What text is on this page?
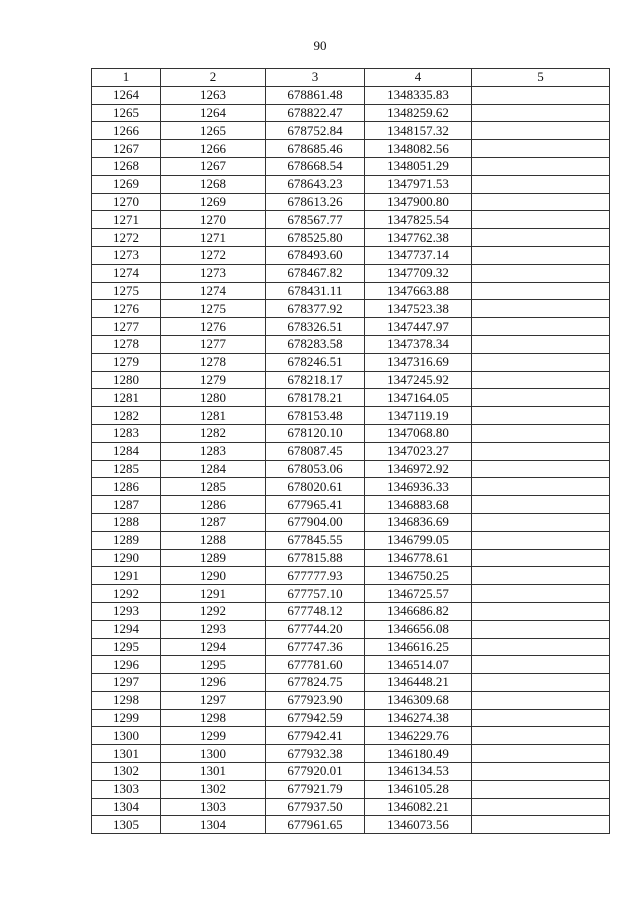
90
1	2	3	4	5
1264	1263	678861.48	1348335.83	
1265	1264	678822.47	1348259.62	
1266	1265	678752.84	1348157.32	
1267	1266	678685.46	1348082.56	
1268	1267	678668.54	1348051.29	
1269	1268	678643.23	1347971.53	
1270	1269	678613.26	1347900.80	
1271	1270	678567.77	1347825.54	
1272	1271	678525.80	1347762.38	
1273	1272	678493.60	1347737.14	
1274	1273	678467.82	1347709.32	
1275	1274	678431.11	1347663.88	
1276	1275	678377.92	1347523.38	
1277	1276	678326.51	1347447.97	
1278	1277	678283.58	1347378.34	
1279	1278	678246.51	1347316.69	
1280	1279	678218.17	1347245.92	
1281	1280	678178.21	1347164.05	
1282	1281	678153.48	1347119.19	
1283	1282	678120.10	1347068.80	
1284	1283	678087.45	1347023.27	
1285	1284	678053.06	1346972.92	
1286	1285	678020.61	1346936.33	
1287	1286	677965.41	1346883.68	
1288	1287	677904.00	1346836.69	
1289	1288	677845.55	1346799.05	
1290	1289	677815.88	1346778.61	
1291	1290	677777.93	1346750.25	
1292	1291	677757.10	1346725.57	
1293	1292	677748.12	1346686.82	
1294	1293	677744.20	1346656.08	
1295	1294	677747.36	1346616.25	
1296	1295	677781.60	1346514.07	
1297	1296	677824.75	1346448.21	
1298	1297	677923.90	1346309.68	
1299	1298	677942.59	1346274.38	
1300	1299	677942.41	1346229.76	
1301	1300	677932.38	1346180.49	
1302	1301	677920.01	1346134.53	
1303	1302	677921.79	1346105.28	
1304	1303	677937.50	1346082.21	
1305	1304	677961.65	1346073.56	
